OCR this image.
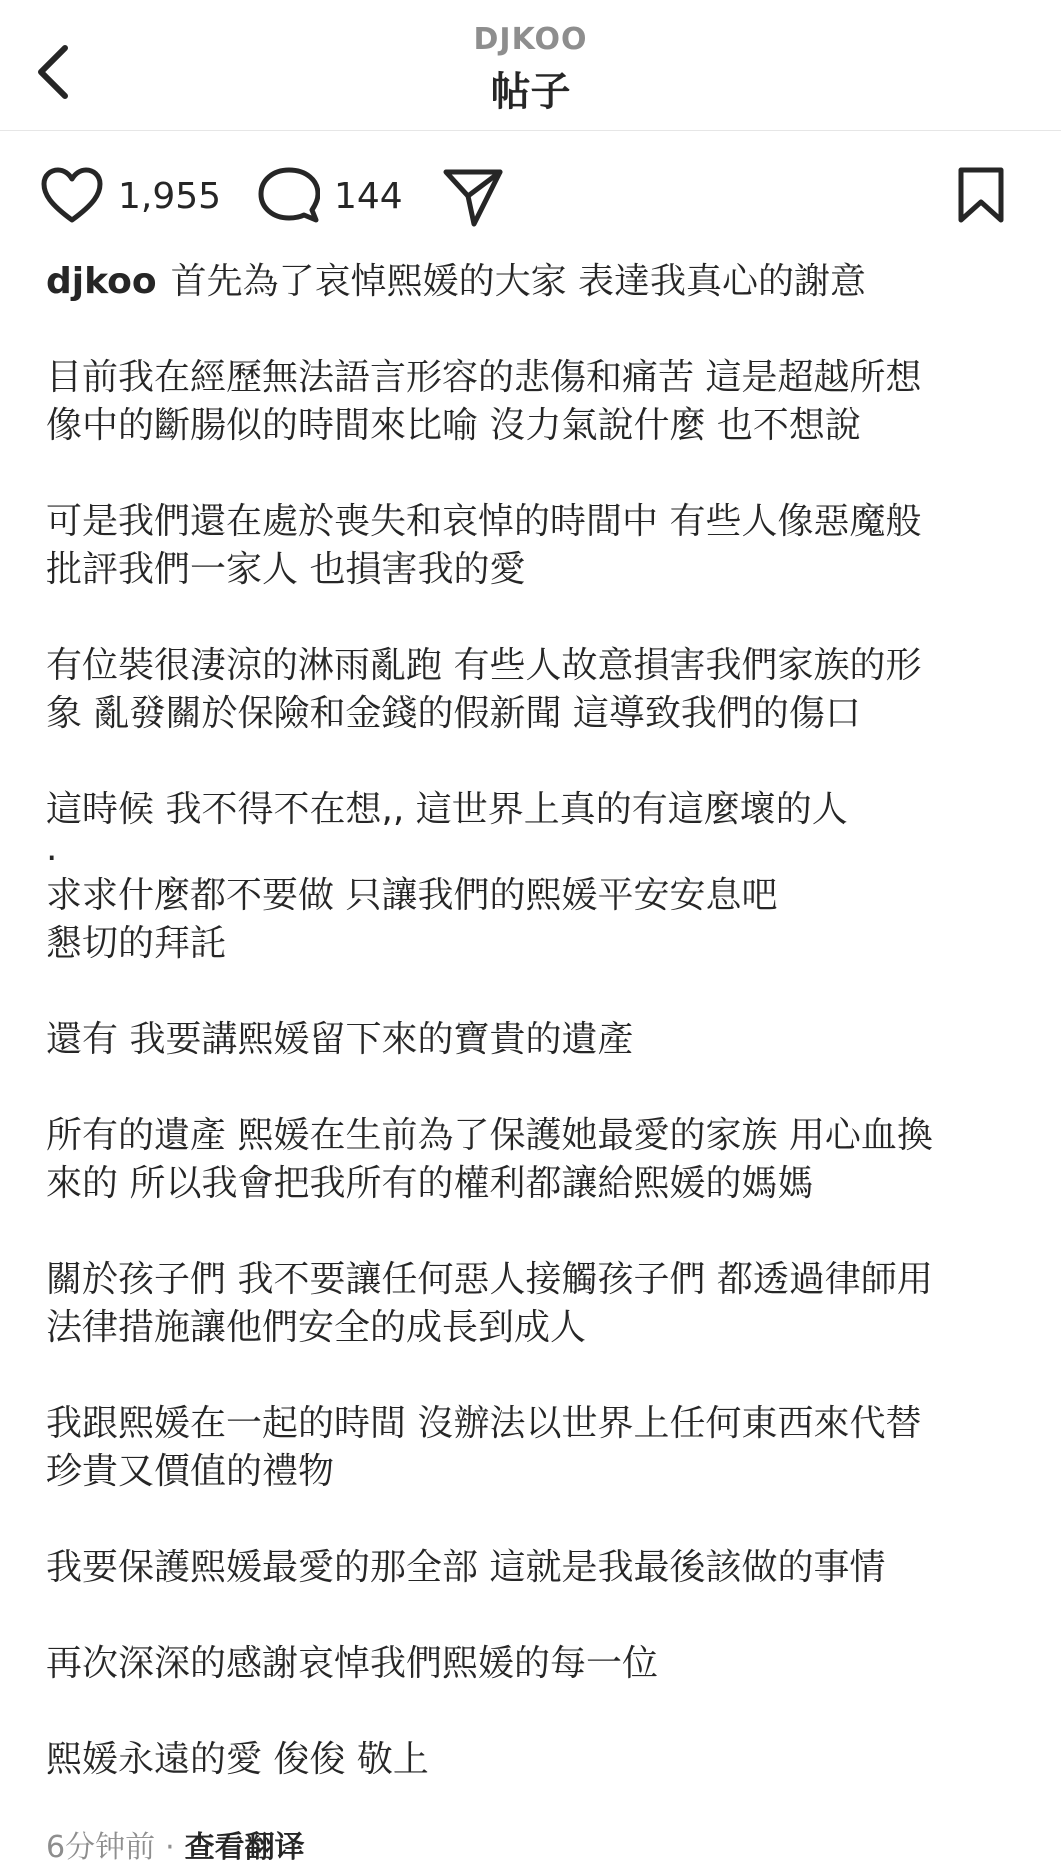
DJKOO
帖子
1,955	144
djkoo 首先為了哀悼熙媛的大家 表達我真心的謝意
目前我在經歷無法語言形容的悲傷和痛苦 這是超越所想
像中的斷腸似的時間來比喻 沒力氣說什麼 也不想說
可是我們還在處於喪失和哀悼的時間中 有些人像惡魔般
批評我們一家人 也損害我的愛
有位裝很淒涼的淋雨亂跑 有些人故意損害我們家族的形
象 亂發關於保險和金錢的假新聞 這導致我們的傷口
這時候 我不得不在想,, 這世界上真的有這麼壞的人
.
求求什麼都不要做 只讓我們的熙媛平安安息吧
懇切的拜託
還有 我要講熙媛留下來的寶貴的遺產
所有的遺產 熙媛在生前為了保護她最愛的家族 用心血換
來的 所以我會把我所有的權利都讓給熙媛的媽媽
關於孩子們 我不要讓任何惡人接觸孩子們 都透過律師用
法律措施讓他們安全的成長到成人
我跟熙媛在一起的時間 沒辦法以世界上任何東西來代替
珍貴又價值的禮物
我要保護熙媛最愛的那全部 這就是我最後該做的事情
再次深深的感謝哀悼我們熙媛的每一位
熙媛永遠的愛 俊俊 敬上
6分钟前 · 查看翻译
